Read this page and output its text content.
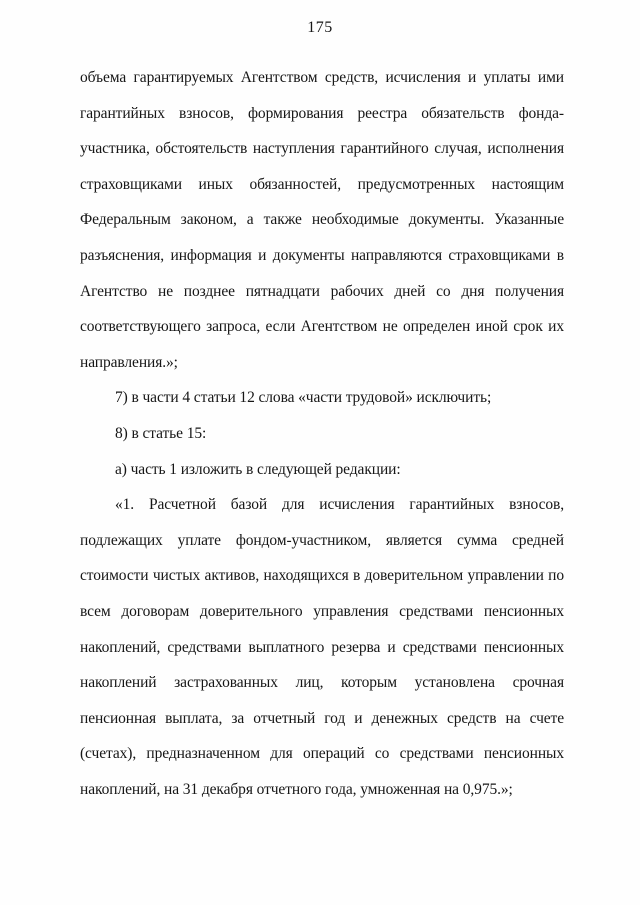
175
объема гарантируемых Агентством средств, исчисления и уплаты ими
гарантийных взносов, формирования реестра обязательств фонда-
участника, обстоятельств наступления гарантийного случая, исполнения
страховщиками иных обязанностей, предусмотренных настоящим
Федеральным законом, а также необходимые документы. Указанные
разъяснения, информация и документы направляются страховщиками в
Агентство не позднее пятнадцати рабочих дней со дня получения
соответствующего запроса, если Агентством не определен иной срок их
направления.»;
7) в части 4 статьи 12 слова «части трудовой» исключить;
8) в статье 15:
а) часть 1 изложить в следующей редакции:
«1. Расчетной базой для исчисления гарантийных взносов,
подлежащих уплате фондом-участником, является сумма средней
стоимости чистых активов, находящихся в доверительном управлении по
всем договорам доверительного управления средствами пенсионных
накоплений, средствами выплатного резерва и средствами пенсионных
накоплений застрахованных лиц, которым установлена срочная
пенсионная выплата, за отчетный год и денежных средств на счете
(счетах), предназначенном для операций со средствами пенсионных
накоплений, на 31 декабря отчетного года, умноженная на 0,975.»;
